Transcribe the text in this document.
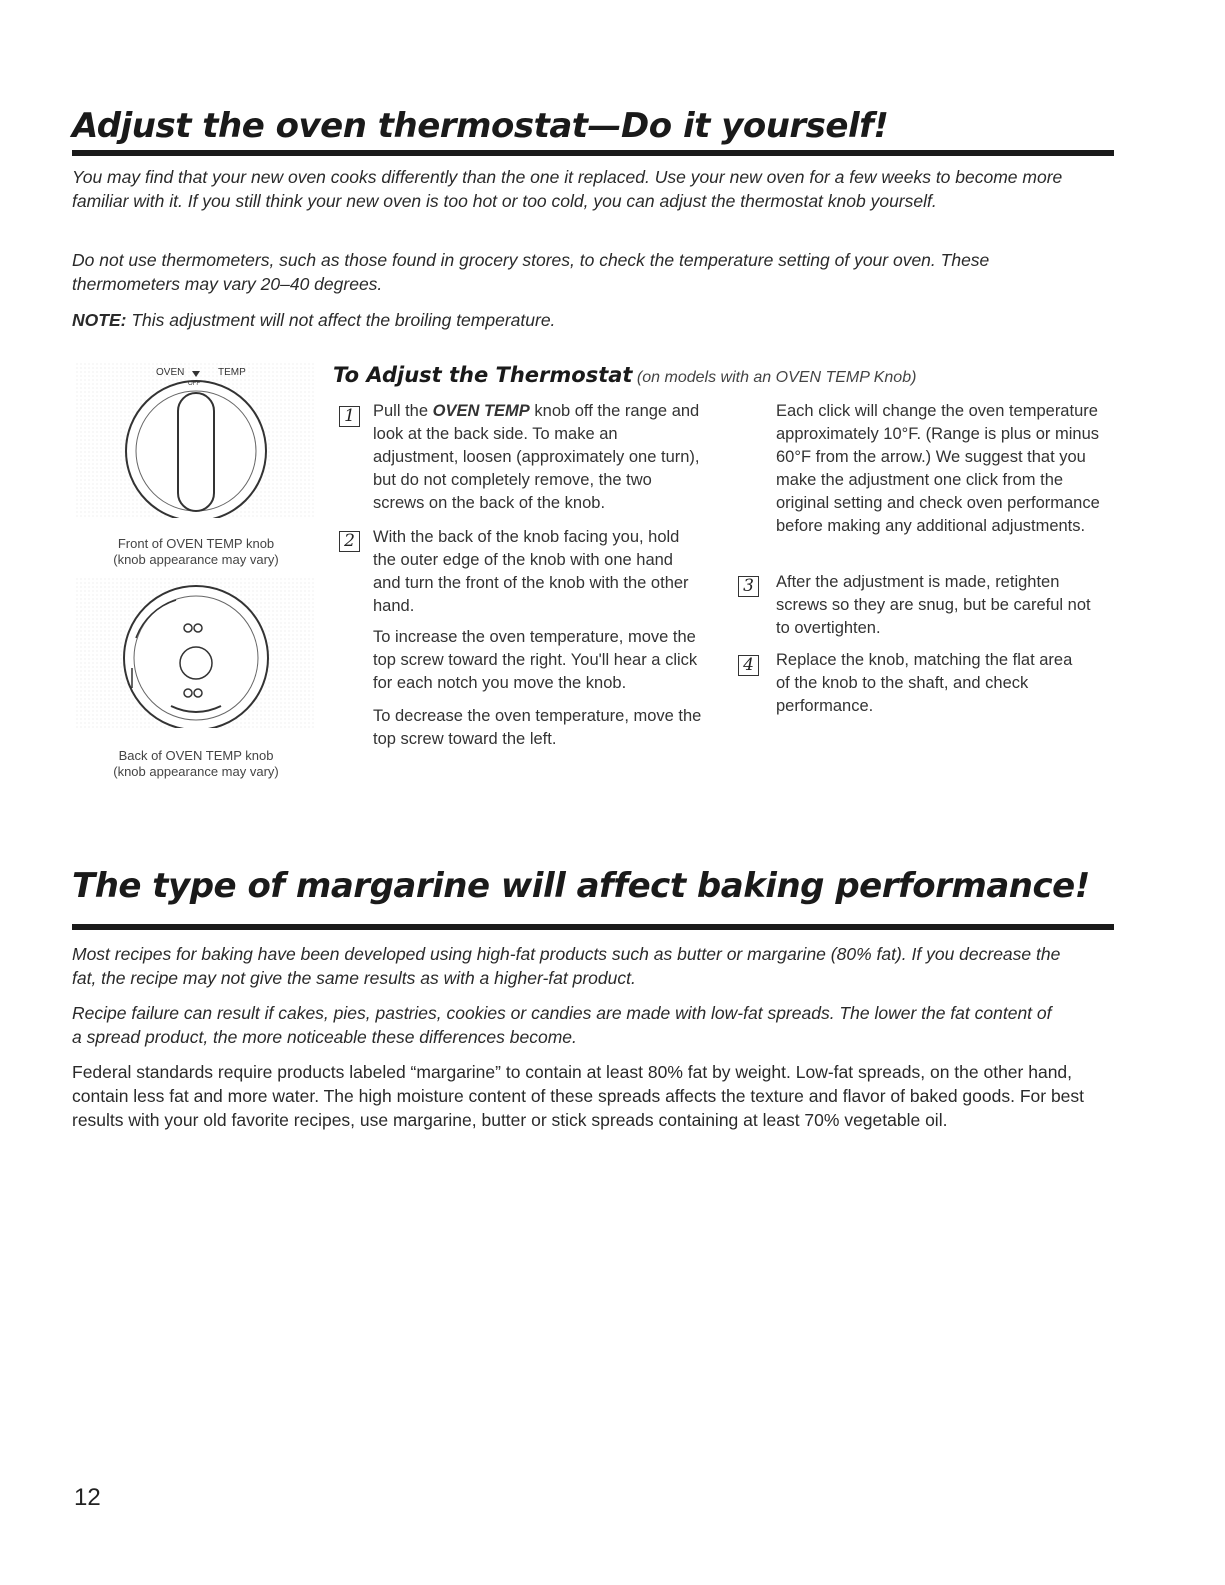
Adjust the oven thermostat—Do it yourself!

You may find that your new oven cooks differently than the one it replaced. Use your new oven for a few weeks to become more familiar with it. If you still think your new oven is too hot or too cold, you can adjust the thermostat knob yourself.

Do not use thermometers, such as those found in grocery stores, to check the temperature setting of your oven. These thermometers may vary 20–40 degrees.

NOTE: This adjustment will not affect the broiling temperature.

OVEN	TEMP
OFF
Front of OVEN TEMP knob
(knob appearance may vary)
Back of OVEN TEMP knob
(knob appearance may vary)
To Adjust the Thermostat (on models with an OVEN TEMP Knob)
1	Pull the OVEN TEMP knob off the range and look at the back side. To make an adjustment, loosen (approximately one turn), but do not completely remove, the two screws on the back of the knob.

2	With the back of the knob facing you, hold the outer edge of the knob with one hand and turn the front of the knob with the other hand.

To increase the oven temperature, move the top screw toward the right. You'll hear a click for each notch you move the knob.

To decrease the oven temperature, move the top screw toward the left.

Each click will change the oven temperature approximately 10°F. (Range is plus or minus 60°F from the arrow.) We suggest that you make the adjustment one click from the original setting and check oven performance before making any additional adjustments.

3	After the adjustment is made, retighten screws so they are snug, but be careful not to overtighten.

4	Replace the knob, matching the flat area of the knob to the shaft, and check performance.

The type of margarine will affect baking performance!

Most recipes for baking have been developed using high-fat products such as butter or margarine (80% fat). If you decrease the fat, the recipe may not give the same results as with a higher-fat product.

Recipe failure can result if cakes, pies, pastries, cookies or candies are made with low-fat spreads. The lower the fat content of a spread product, the more noticeable these differences become.

Federal standards require products labeled “margarine” to contain at least 80% fat by weight. Low-fat spreads, on the other hand, contain less fat and more water. The high moisture content of these spreads affects the texture and flavor of baked goods. For best results with your old favorite recipes, use margarine, butter or stick spreads containing at least 70% vegetable oil.

12
